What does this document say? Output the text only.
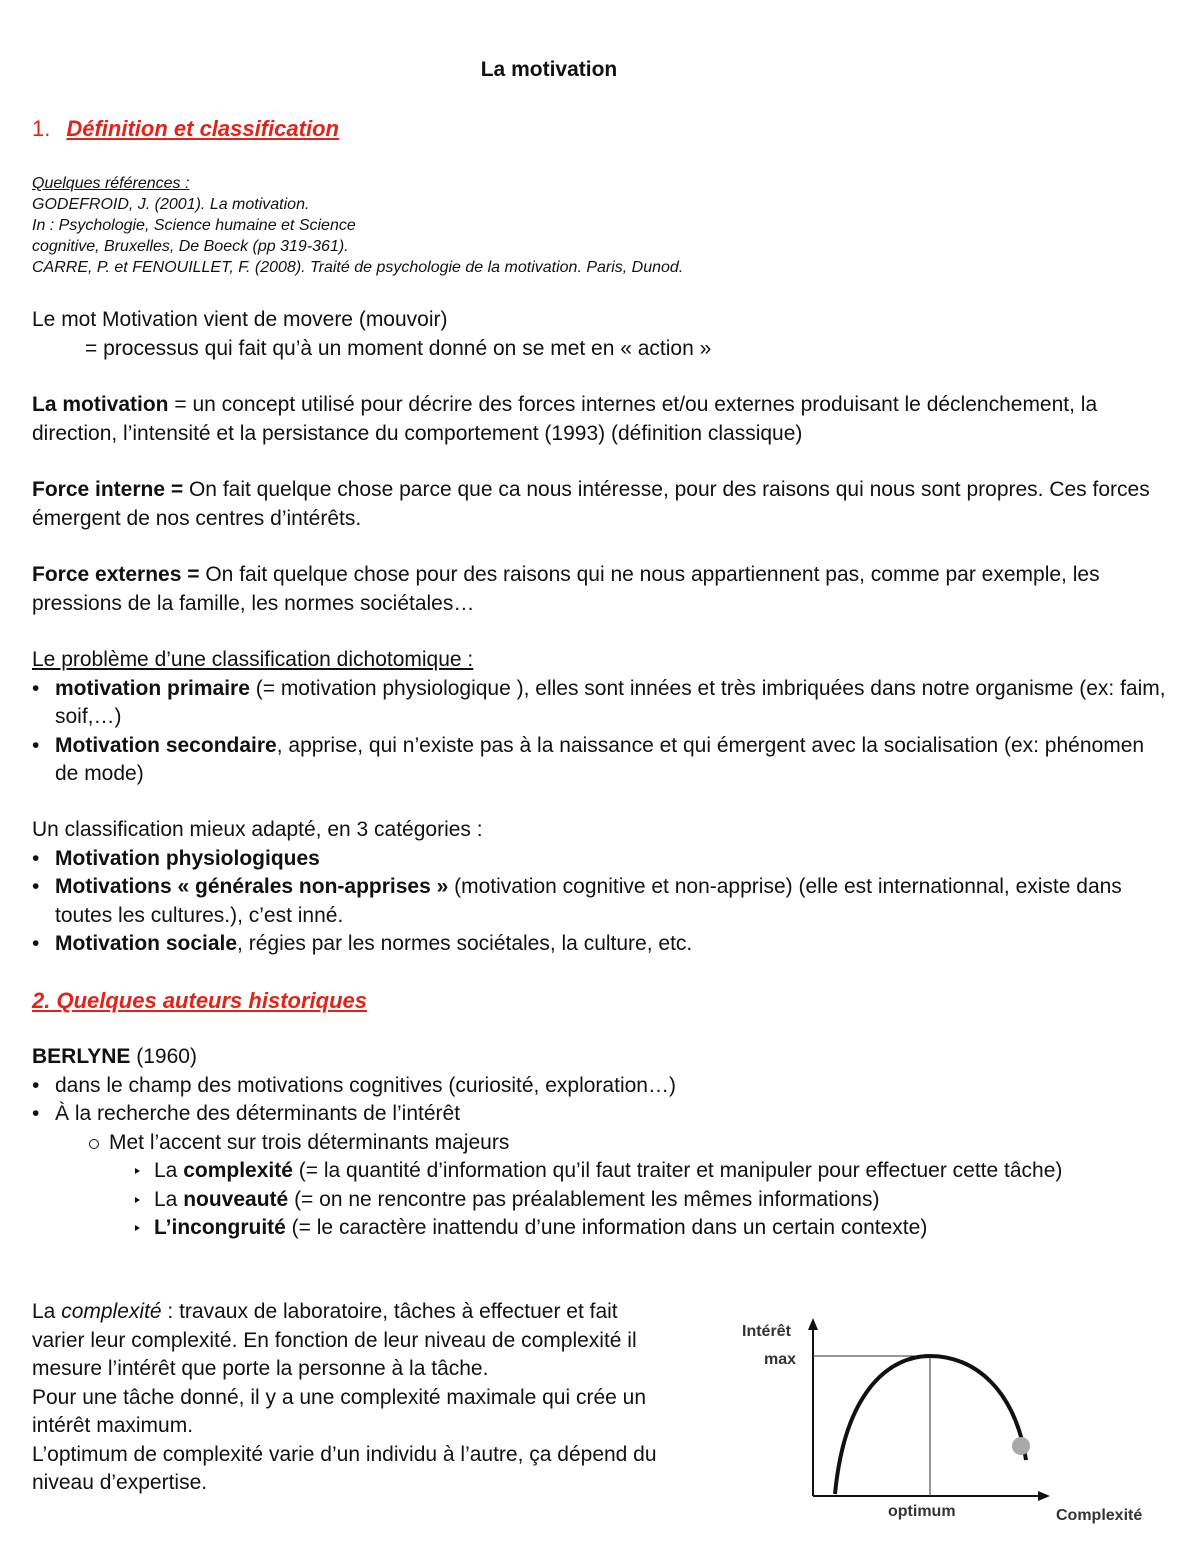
La motivation
1. Définition et classification
Quelques références :
GODEFROID, J. (2001). La motivation.
In : Psychologie, Science humaine et Science
cognitive, Bruxelles, De Boeck (pp 319-361).
CARRE, P. et FENOUILLET, F. (2008). Traité de psychologie de la motivation. Paris, Dunod.
Le mot Motivation vient de movere (mouvoir)
= processus qui fait qu’à un moment donné on se met en « action »
La motivation = un concept utilisé pour décrire des forces internes et/ou externes produisant le déclenchement, la direction, l’intensité et la persistance du comportement (1993) (définition classique)
Force interne = On fait quelque chose parce que ca nous intéresse, pour des raisons qui nous sont propres. Ces forces émergent de nos centres d’intérêts.
Force externes = On fait quelque chose pour des raisons qui ne nous appartiennent pas, comme par exemple, les pressions de la famille, les normes sociétales…
Le problème d’une classification dichotomique :
• motivation primaire (= motivation physiologique ), elles sont innées et très imbriquées dans notre organisme (ex: faim, soif,…)
• Motivation secondaire, apprise, qui n’existe pas à la naissance et qui émergent avec la socialisation (ex: phénomen de mode)
Un classification mieux adapté, en 3 catégories :
• Motivation physiologiques
• Motivations « générales non-apprises » (motivation cognitive et non-apprise) (elle est internationnal, existe dans toutes les cultures.), c’est inné.
• Motivation sociale, régies par les normes sociétales, la culture, etc.
2. Quelques auteurs historiques
BERLYNE (1960)
• dans le champ des motivations cognitives (curiosité, exploration…)
• À la recherche des déterminants de l’intérêt
Met l’accent sur trois déterminants majeurs
La complexité (= la quantité d’information qu’il faut traiter et manipuler pour effectuer cette tâche)
La nouveauté (= on ne rencontre pas préalablement les mêmes informations)
L’incongruité (= le caractère inattendu d’une information dans un certain contexte)
La complexité : travaux de laboratoire, tâches à effectuer et fait varier leur complexité. En fonction de leur niveau de complexité il mesure l’intérêt que porte la personne à la tâche.
Pour une tâche donné, il y a une complexité maximale qui crée un intérêt maximum.
L’optimum de complexité varie d’un individu à l’autre, ça dépend du niveau d’expertise.
Intérêt
max
optimum	Complexité
